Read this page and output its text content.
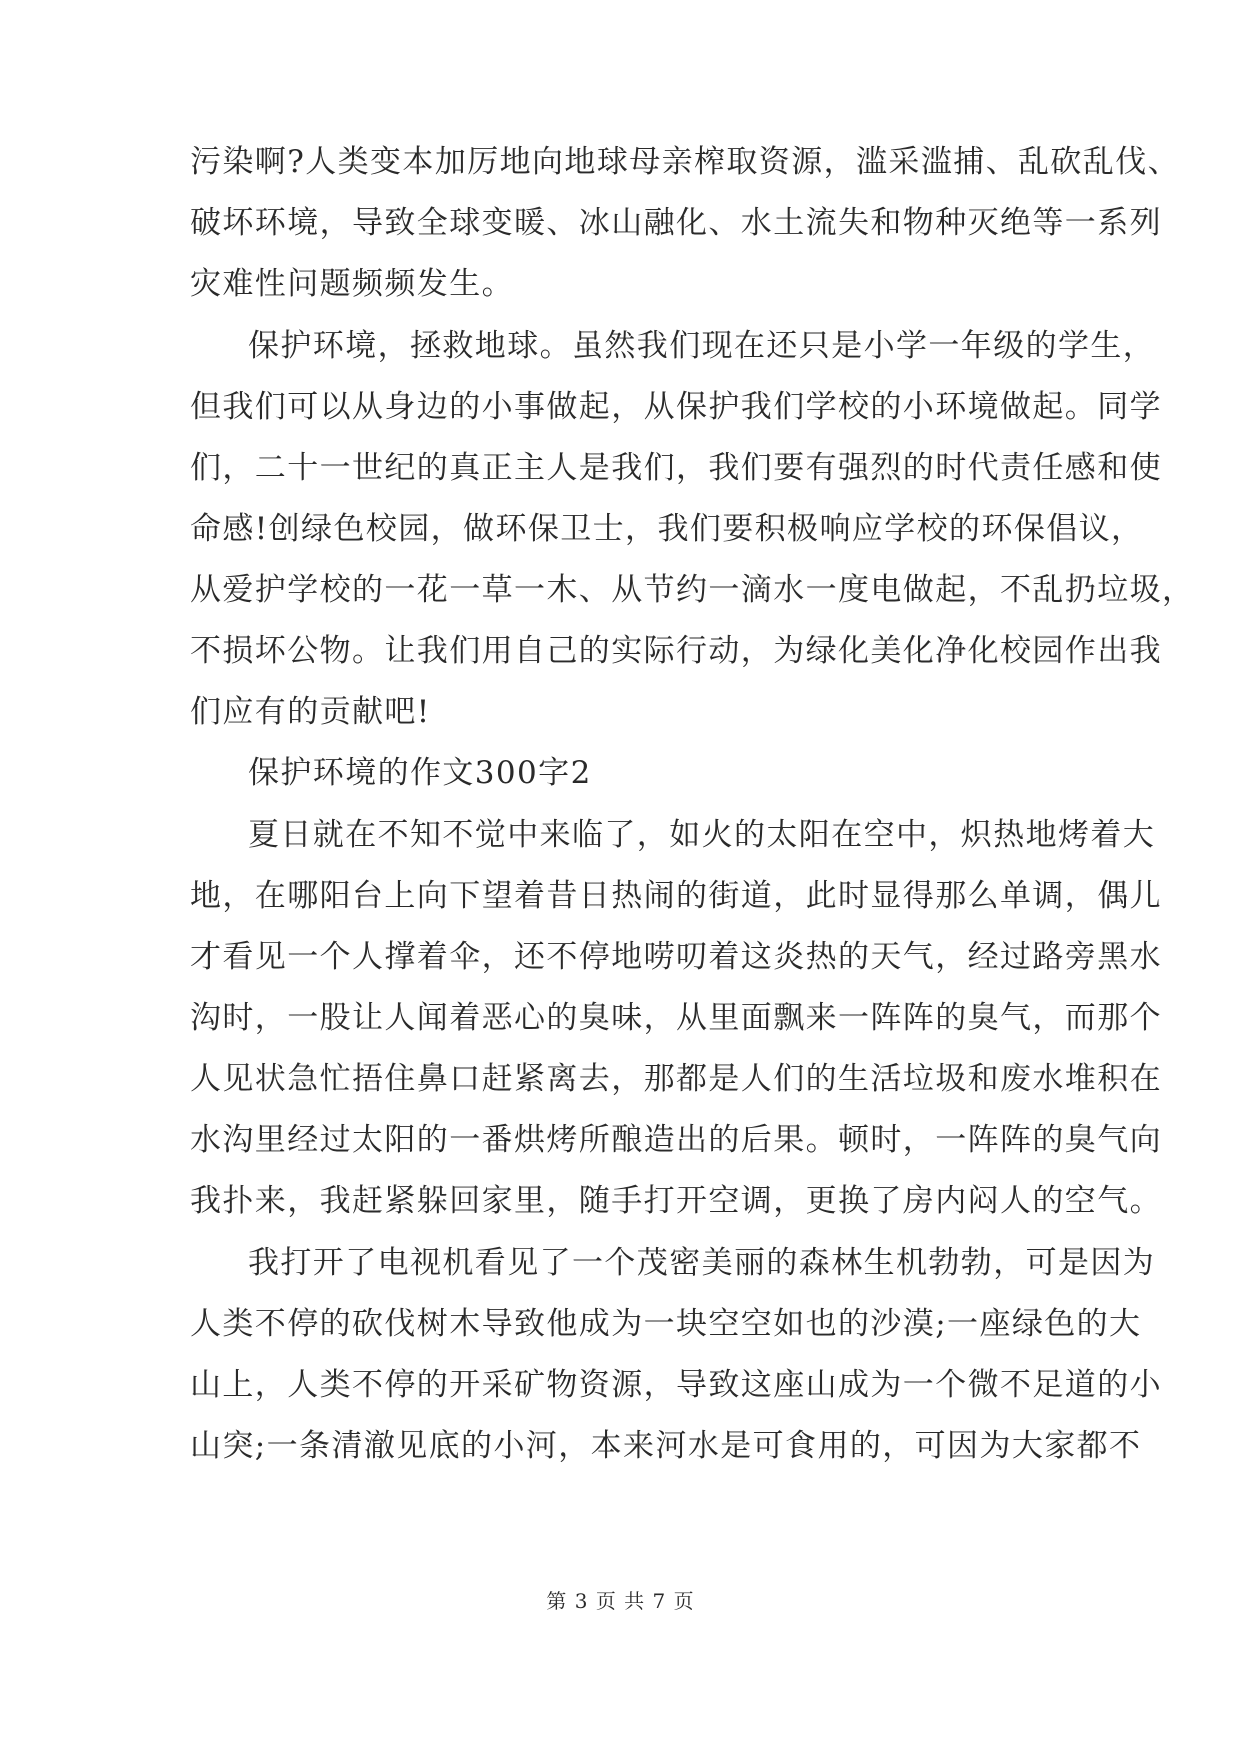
污染啊?人类变本加厉地向地球母亲榨取资源，滥采滥捕、乱砍乱伐、
破坏环境，导致全球变暖、冰山融化、水土流失和物种灭绝等一系列
灾难性问题频频发生。
保护环境，拯救地球。虽然我们现在还只是小学一年级的学生，
但我们可以从身边的小事做起，从保护我们学校的小环境做起。同学
们，二十一世纪的真正主人是我们，我们要有强烈的时代责任感和使
命感!创绿色校园，做环保卫士，我们要积极响应学校的环保倡议，
从爱护学校的一花一草一木、从节约一滴水一度电做起，不乱扔垃圾，
不损坏公物。让我们用自己的实际行动，为绿化美化净化校园作出我
们应有的贡献吧!
保护环境的作文300字2
夏日就在不知不觉中来临了，如火的太阳在空中，炽热地烤着大
地，在哪阳台上向下望着昔日热闹的街道，此时显得那么单调，偶儿
才看见一个人撑着伞，还不停地唠叨着这炎热的天气，经过路旁黑水
沟时，一股让人闻着恶心的臭味，从里面飘来一阵阵的臭气，而那个
人见状急忙捂住鼻口赶紧离去，那都是人们的生活垃圾和废水堆积在
水沟里经过太阳的一番烘烤所酿造出的后果。顿时，一阵阵的臭气向
我扑来，我赶紧躲回家里，随手打开空调，更换了房内闷人的空气。
我打开了电视机看见了一个茂密美丽的森林生机勃勃，可是因为
人类不停的砍伐树木导致他成为一块空空如也的沙漠;一座绿色的大
山上，人类不停的开采矿物资源，导致这座山成为一个微不足道的小
山突;一条清澈见底的小河，本来河水是可食用的，可因为大家都不
第 3 页 共 7 页
